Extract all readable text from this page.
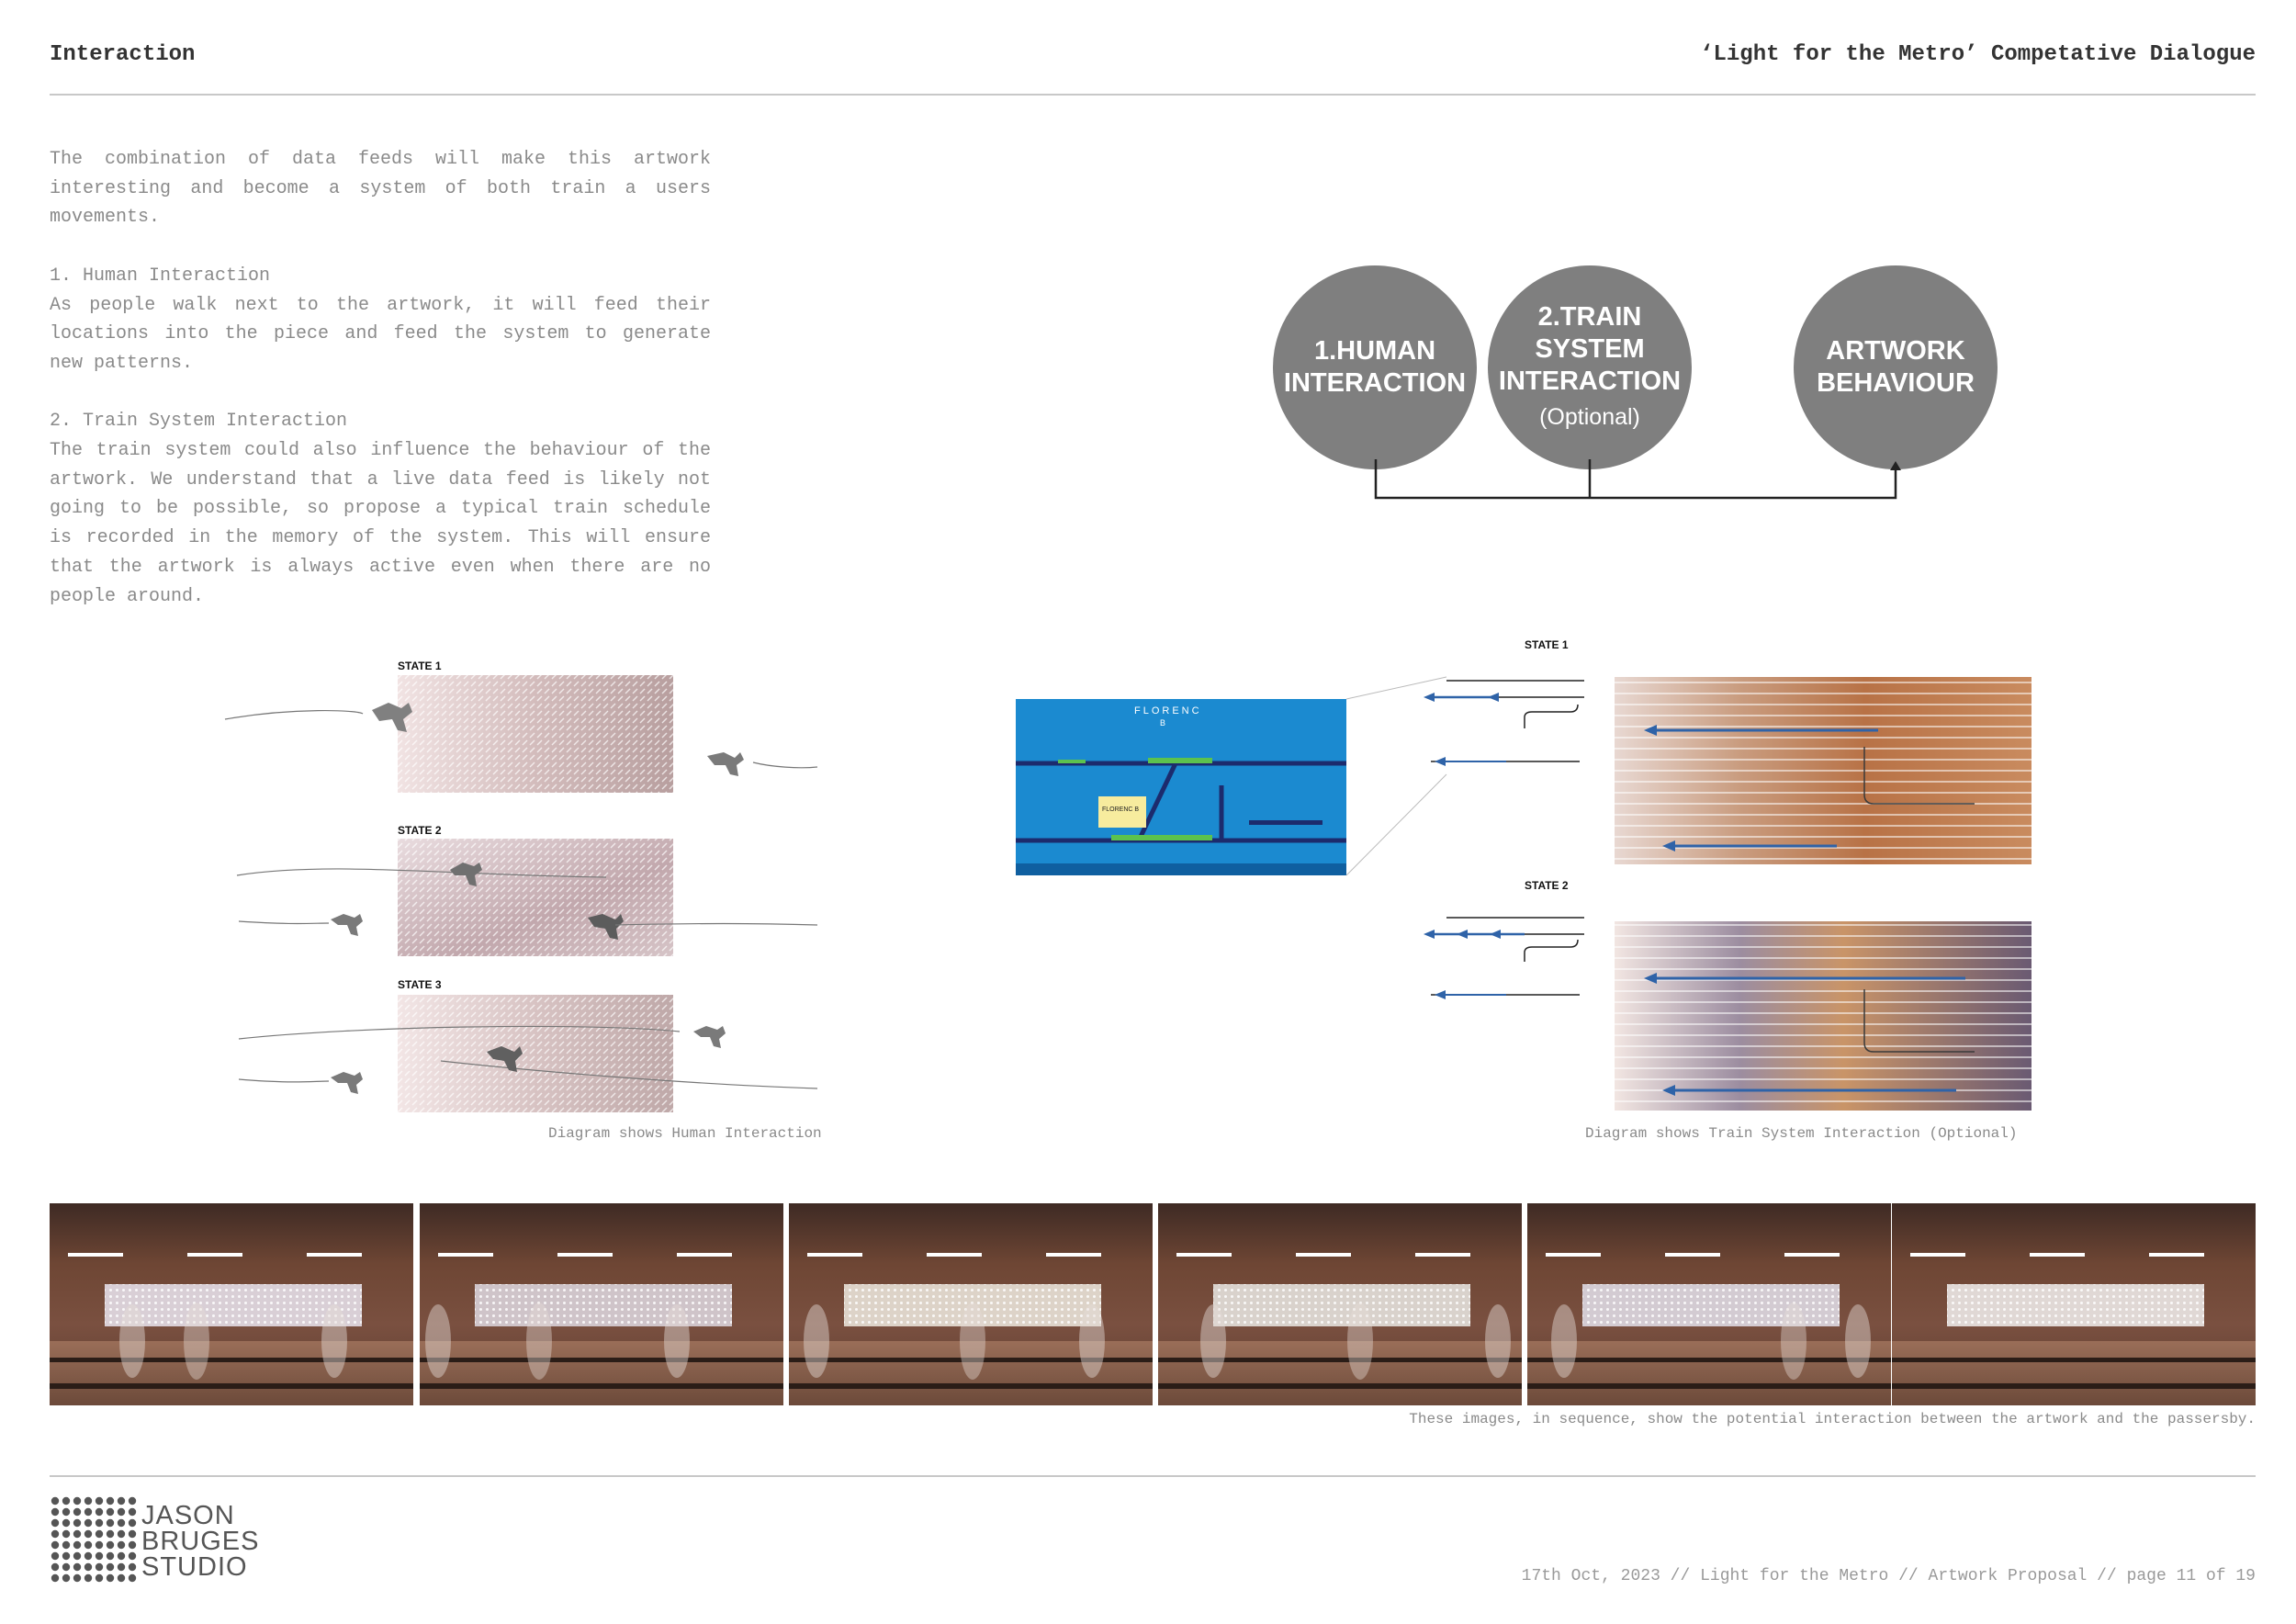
Interaction	‘Light for the Metro’ Competative Dialogue
The combination of data feeds will make this artwork interesting and become a system of both train a users movements.

1. Human Interaction
As people walk next to the artwork, it will feed their locations into the piece and feed the system to generate new patterns.

2. Train System Interaction
The train system could also influence the behaviour of the artwork. We understand that a live data feed is likely not going to be possible, so propose a typical train schedule is recorded in the memory of the system. This will ensure that the artwork is always active even when there are no people around.
1.HUMAN INTERACTION
2.TRAIN SYSTEM INTERACTION
(Optional)
ARTWORK BEHAVIOUR
STATE 1
STATE 2
STATE 3
Diagram shows Human Interaction
STATE 1
STATE 2
FLORENC
B
FLORENC B
Diagram shows Train System Interaction (Optional)
These images, in sequence, show the potential interaction between the artwork and the passersby.
JASON
BRUGES
STUDIO	17th Oct, 2023 // Light for the Metro // Artwork Proposal // page 11 of 19
